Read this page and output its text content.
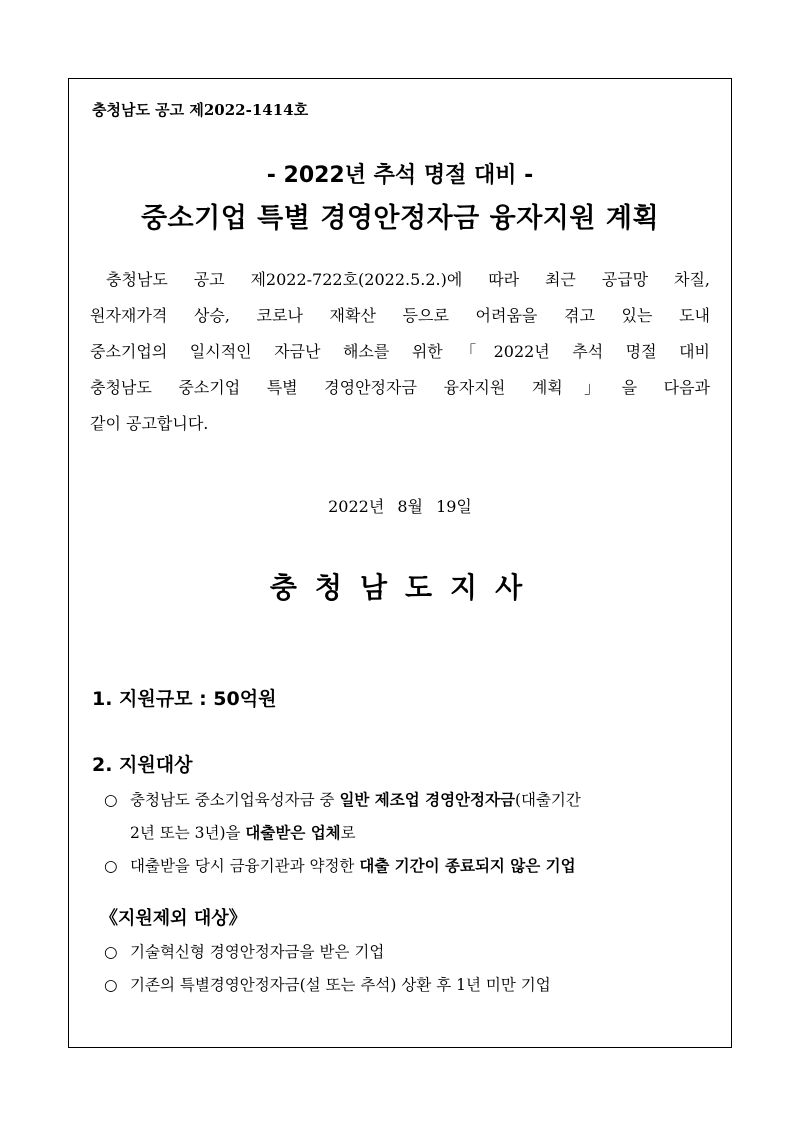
충청남도 공고 제2022-1414호
- 2022년 추석 명절 대비 -
중소기업 특별 경영안정자금 융자지원 계획
충청남도 공고 제2022-722호(2022.5.2.)에 따라 최근 공급망 차질,
원자재가격 상승, 코로나 재확산 등으로 어려움을 겪고 있는 도내
중소기업의 일시적인 자금난 해소를 위한「2022년 추석 명절 대비
충청남도 중소기업 특별 경영안정자금 융자지원 계획」을 다음과
같이 공고합니다.
2022년 8월 19일
충청남도지사
1. 지원규모 : 50억원
2. 지원대상
○ 충청남도 중소기업육성자금 중 일반 제조업 경영안정자금(대출기간
2년 또는 3년)을 대출받은 업체로
○ 대출받을 당시 금융기관과 약정한 대출 기간이 종료되지 않은 기업
《지원제외 대상》
○ 기술혁신형 경영안정자금을 받은 기업
○ 기존의 특별경영안정자금(설 또는 추석) 상환 후 1년 미만 기업
